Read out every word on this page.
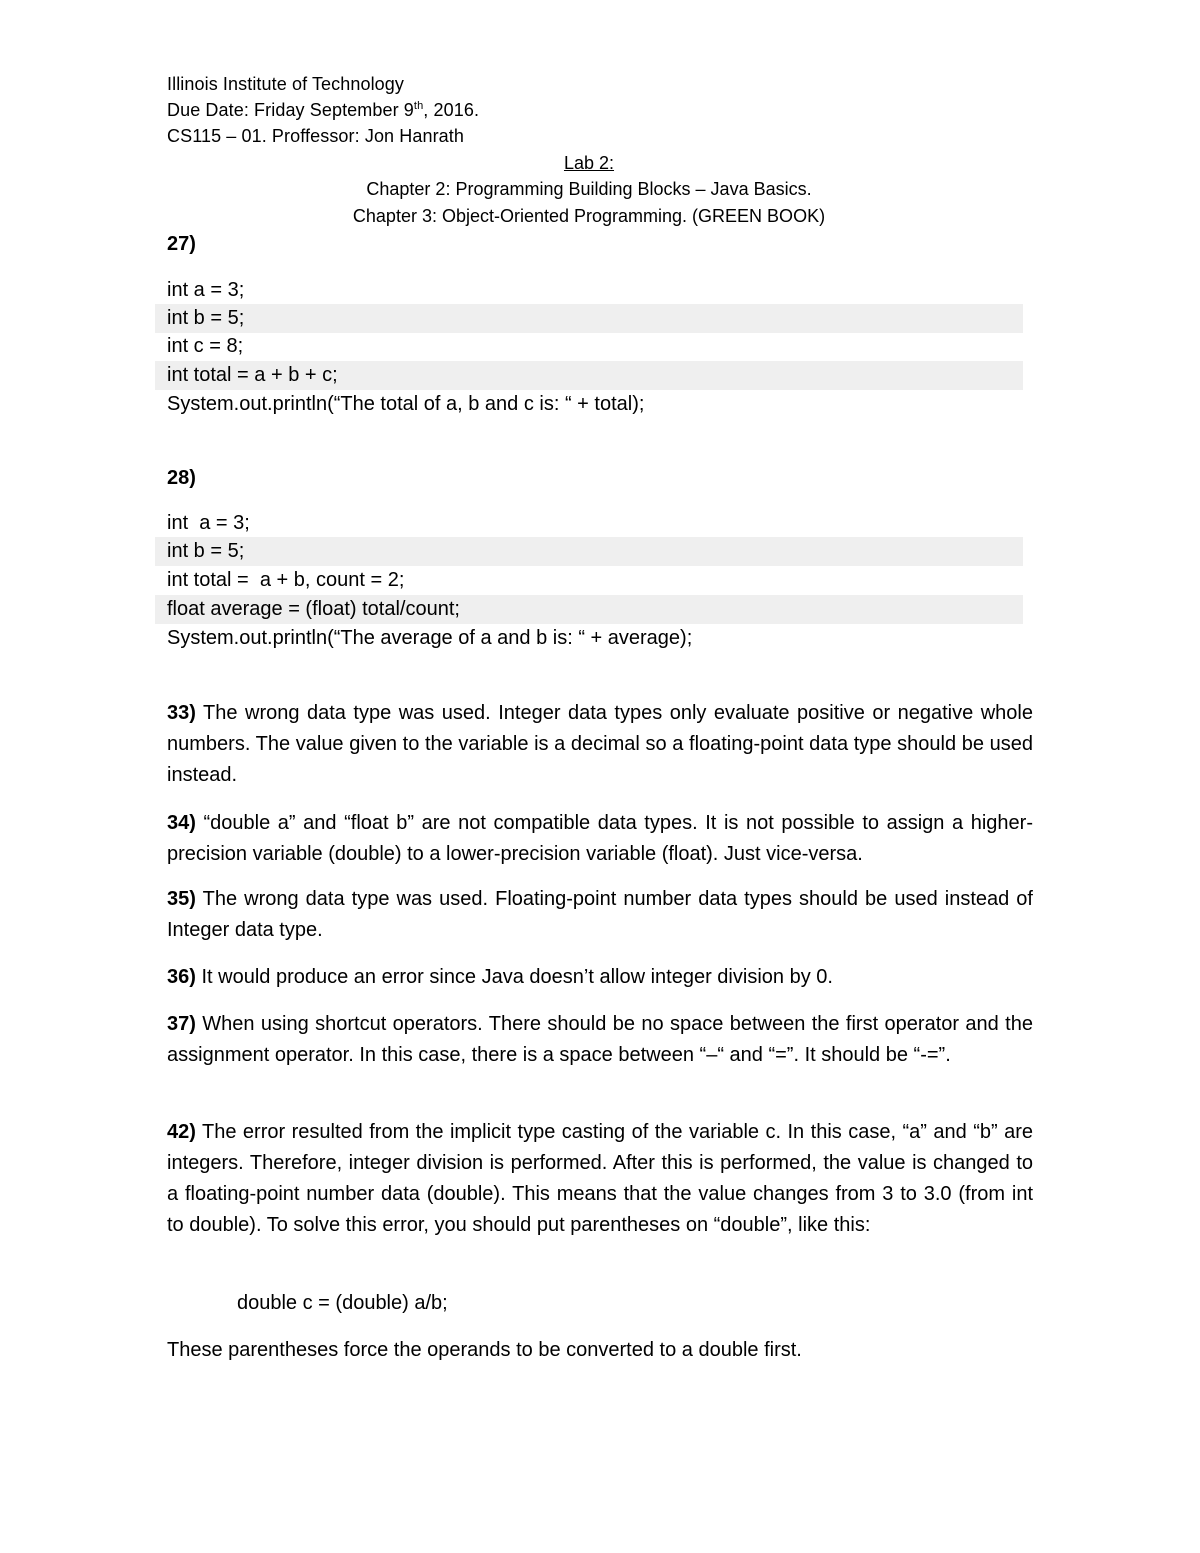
Illinois Institute of Technology
Due Date: Friday September 9th, 2016.
CS115 – 01. Proffessor: Jon Hanrath
Lab 2:
Chapter 2: Programming Building Blocks – Java Basics.
Chapter 3: Object-Oriented Programming. (GREEN BOOK)
27)
int a = 3;
int b = 5;
int c = 8;
int total = a + b + c;
System.out.println(“The total of a, b and c is: “ + total);
28)
int  a = 3;
int b = 5;
int total =  a + b, count = 2;
float average = (float) total/count;
System.out.println(“The average of a and b is: “ + average);
33) The wrong data type was used. Integer data types only evaluate positive or negative whole numbers. The value given to the variable is a decimal so a floating-point data type should be used instead.
34) “double a” and “float b” are not compatible data types. It is not possible to assign a higher-precision variable (double) to a lower-precision variable (float). Just vice-versa.
35) The wrong data type was used. Floating-point number data types should be used instead of Integer data type.
36) It would produce an error since Java doesn’t allow integer division by 0.
37) When using shortcut operators. There should be no space between the first operator and the assignment operator. In this case, there is a space between “–“ and “=”. It should be “-=”.
42) The error resulted from the implicit type casting of the variable c. In this case, “a” and “b” are integers. Therefore, integer division is performed. After this is performed, the value is changed to a floating-point number data (double). This means that the value changes from 3 to 3.0 (from int to double). To solve this error, you should put parentheses on “double”, like this:
double c = (double) a/b;
These parentheses force the operands to be converted to a double first.
